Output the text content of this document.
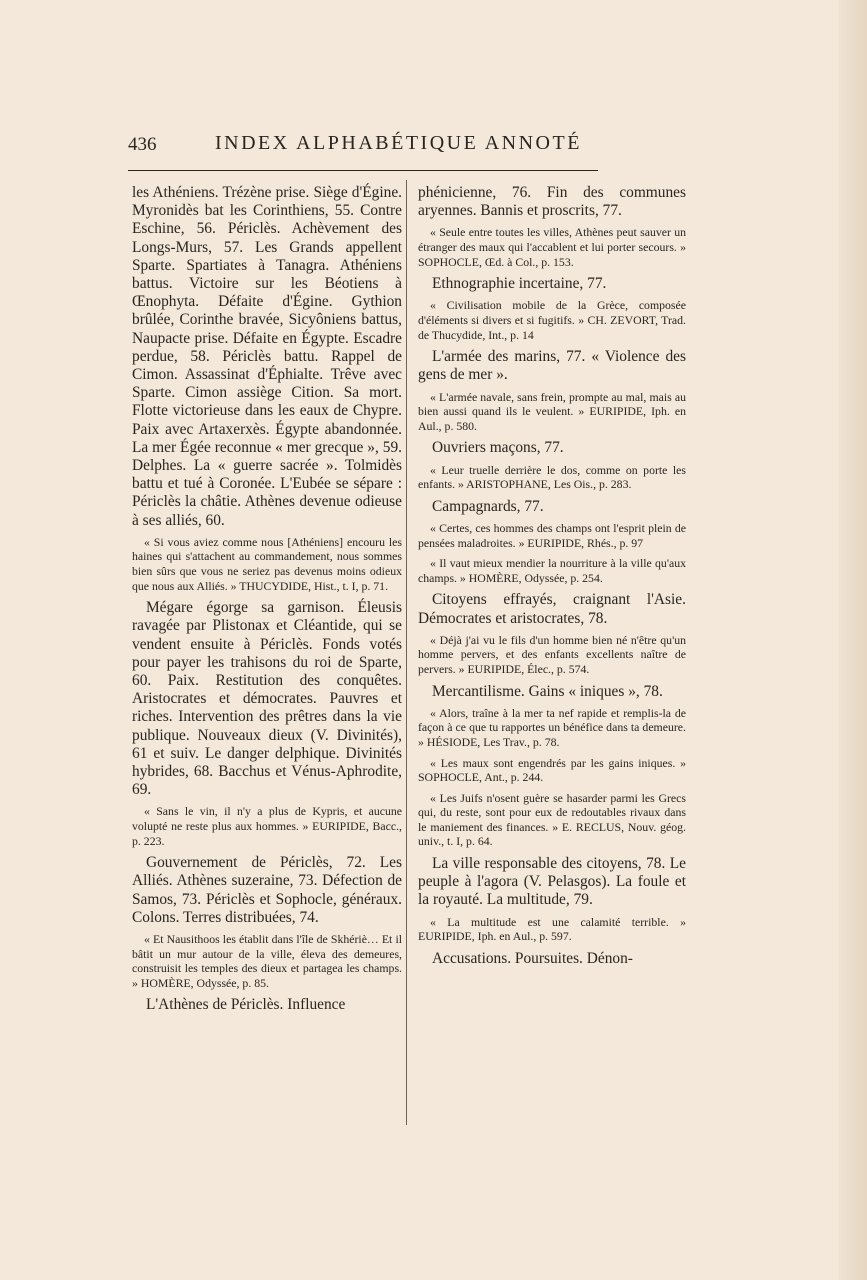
436	INDEX ALPHABÉTIQUE ANNOTÉ

les Athéniens. Trézène prise. Siège d'Égine. Myronidès bat les Corinthiens, 55. Contre Eschine, 56. Périclès. Achèvement des Longs-Murs, 57. Les Grands appellent Sparte. Spartiates à Tanagra. Athéniens battus. Victoire sur les Béotiens à Œnophyta. Défaite d'Égine. Gythion brûlée, Corinthe bravée, Sicyôniens battus, Naupacte prise. Défaite en Égypte. Escadre perdue, 58. Périclès battu. Rappel de Cimon. Assassinat d'Éphialte. Trêve avec Sparte. Cimon assiège Cition. Sa mort. Flotte victorieuse dans les eaux de Chypre. Paix avec Artaxerxès. Égypte abandonnée. La mer Égée reconnue « mer grecque », 59. Delphes. La « guerre sacrée ». Tolmidès battu et tué à Coronée. L'Eubée se sépare : Périclès la châtie. Athènes devenue odieuse à ses alliés, 60.

« Si vous aviez comme nous [Athéniens] encouru les haines qui s'attachent au commandement, nous sommes bien sûrs que vous ne seriez pas devenus moins odieux que nous aux Alliés. » THUCYDIDE, Hist., t. I, p. 71.

Mégare égorge sa garnison. Éleusis ravagée par Plistonax et Cléantide, qui se vendent ensuite à Périclès. Fonds votés pour payer les trahisons du roi de Sparte, 60. Paix. Restitution des conquêtes. Aristocrates et démocrates. Pauvres et riches. Intervention des prêtres dans la vie publique. Nouveaux dieux (V. Divinités), 61 et suiv. Le danger delphique. Divinités hybrides, 68. Bacchus et Vénus-Aphrodite, 69.

« Sans le vin, il n'y a plus de Kypris, et aucune volupté ne reste plus aux hommes. » EURIPIDE, Bacc., p. 223.

Gouvernement de Périclès, 72. Les Alliés. Athènes suzeraine, 73. Défection de Samos, 73. Périclès et Sophocle, généraux. Colons. Terres distribuées, 74.

« Et Nausithoos les établit dans l'île de Skhériè… Et il bâtit un mur autour de la ville, éleva des demeures, construisit les temples des dieux et partagea les champs. » HOMÈRE, Odyssée, p. 85.

L'Athènes de Périclès. Influence

phénicienne, 76. Fin des communes aryennes. Bannis et proscrits, 77.

« Seule entre toutes les villes, Athènes peut sauver un étranger des maux qui l'accablent et lui porter secours. » SOPHOCLE, Œd. à Col., p. 153.

Ethnographie incertaine, 77.

« Civilisation mobile de la Grèce, composée d'éléments si divers et si fugitifs. » CH. ZEVORT, Trad. de Thucydide, Int., p. 14

L'armée des marins, 77. « Violence des gens de mer ».

« L'armée navale, sans frein, prompte au mal, mais au bien aussi quand ils le veulent. » EURIPIDE, Iph. en Aul., p. 580.

Ouvriers maçons, 77.

« Leur truelle derrière le dos, comme on porte les enfants. » ARISTOPHANE, Les Ois., p. 283.

Campagnards, 77.

« Certes, ces hommes des champs ont l'esprit plein de pensées maladroites. » EURIPIDE, Rhés., p. 97

« Il vaut mieux mendier la nourriture à la ville qu'aux champs. » HOMÈRE, Odyssée, p. 254.

Citoyens effrayés, craignant l'Asie. Démocrates et aristocrates, 78.

« Déjà j'ai vu le fils d'un homme bien né n'être qu'un homme pervers, et des enfants excellents naître de pervers. » EURIPIDE, Élec., p. 574.

Mercantilisme. Gains « iniques », 78.

« Alors, traîne à la mer ta nef rapide et remplis-la de façon à ce que tu rapportes un bénéfice dans ta demeure. » HÉSIODE, Les Trav., p. 78.

« Les maux sont engendrés par les gains iniques. » SOPHOCLE, Ant., p. 244.

« Les Juifs n'osent guère se hasarder parmi les Grecs qui, du reste, sont pour eux de redoutables rivaux dans le maniement des finances. » E. RECLUS, Nouv. géog. univ., t. I, p. 64.

La ville responsable des citoyens, 78. Le peuple à l'agora (V. Pelasgos). La foule et la royauté. La multitude, 79.

« La multitude est une calamité terrible. » EURIPIDE, Iph. en Aul., p. 597.

Accusations. Poursuites. Dénon-
